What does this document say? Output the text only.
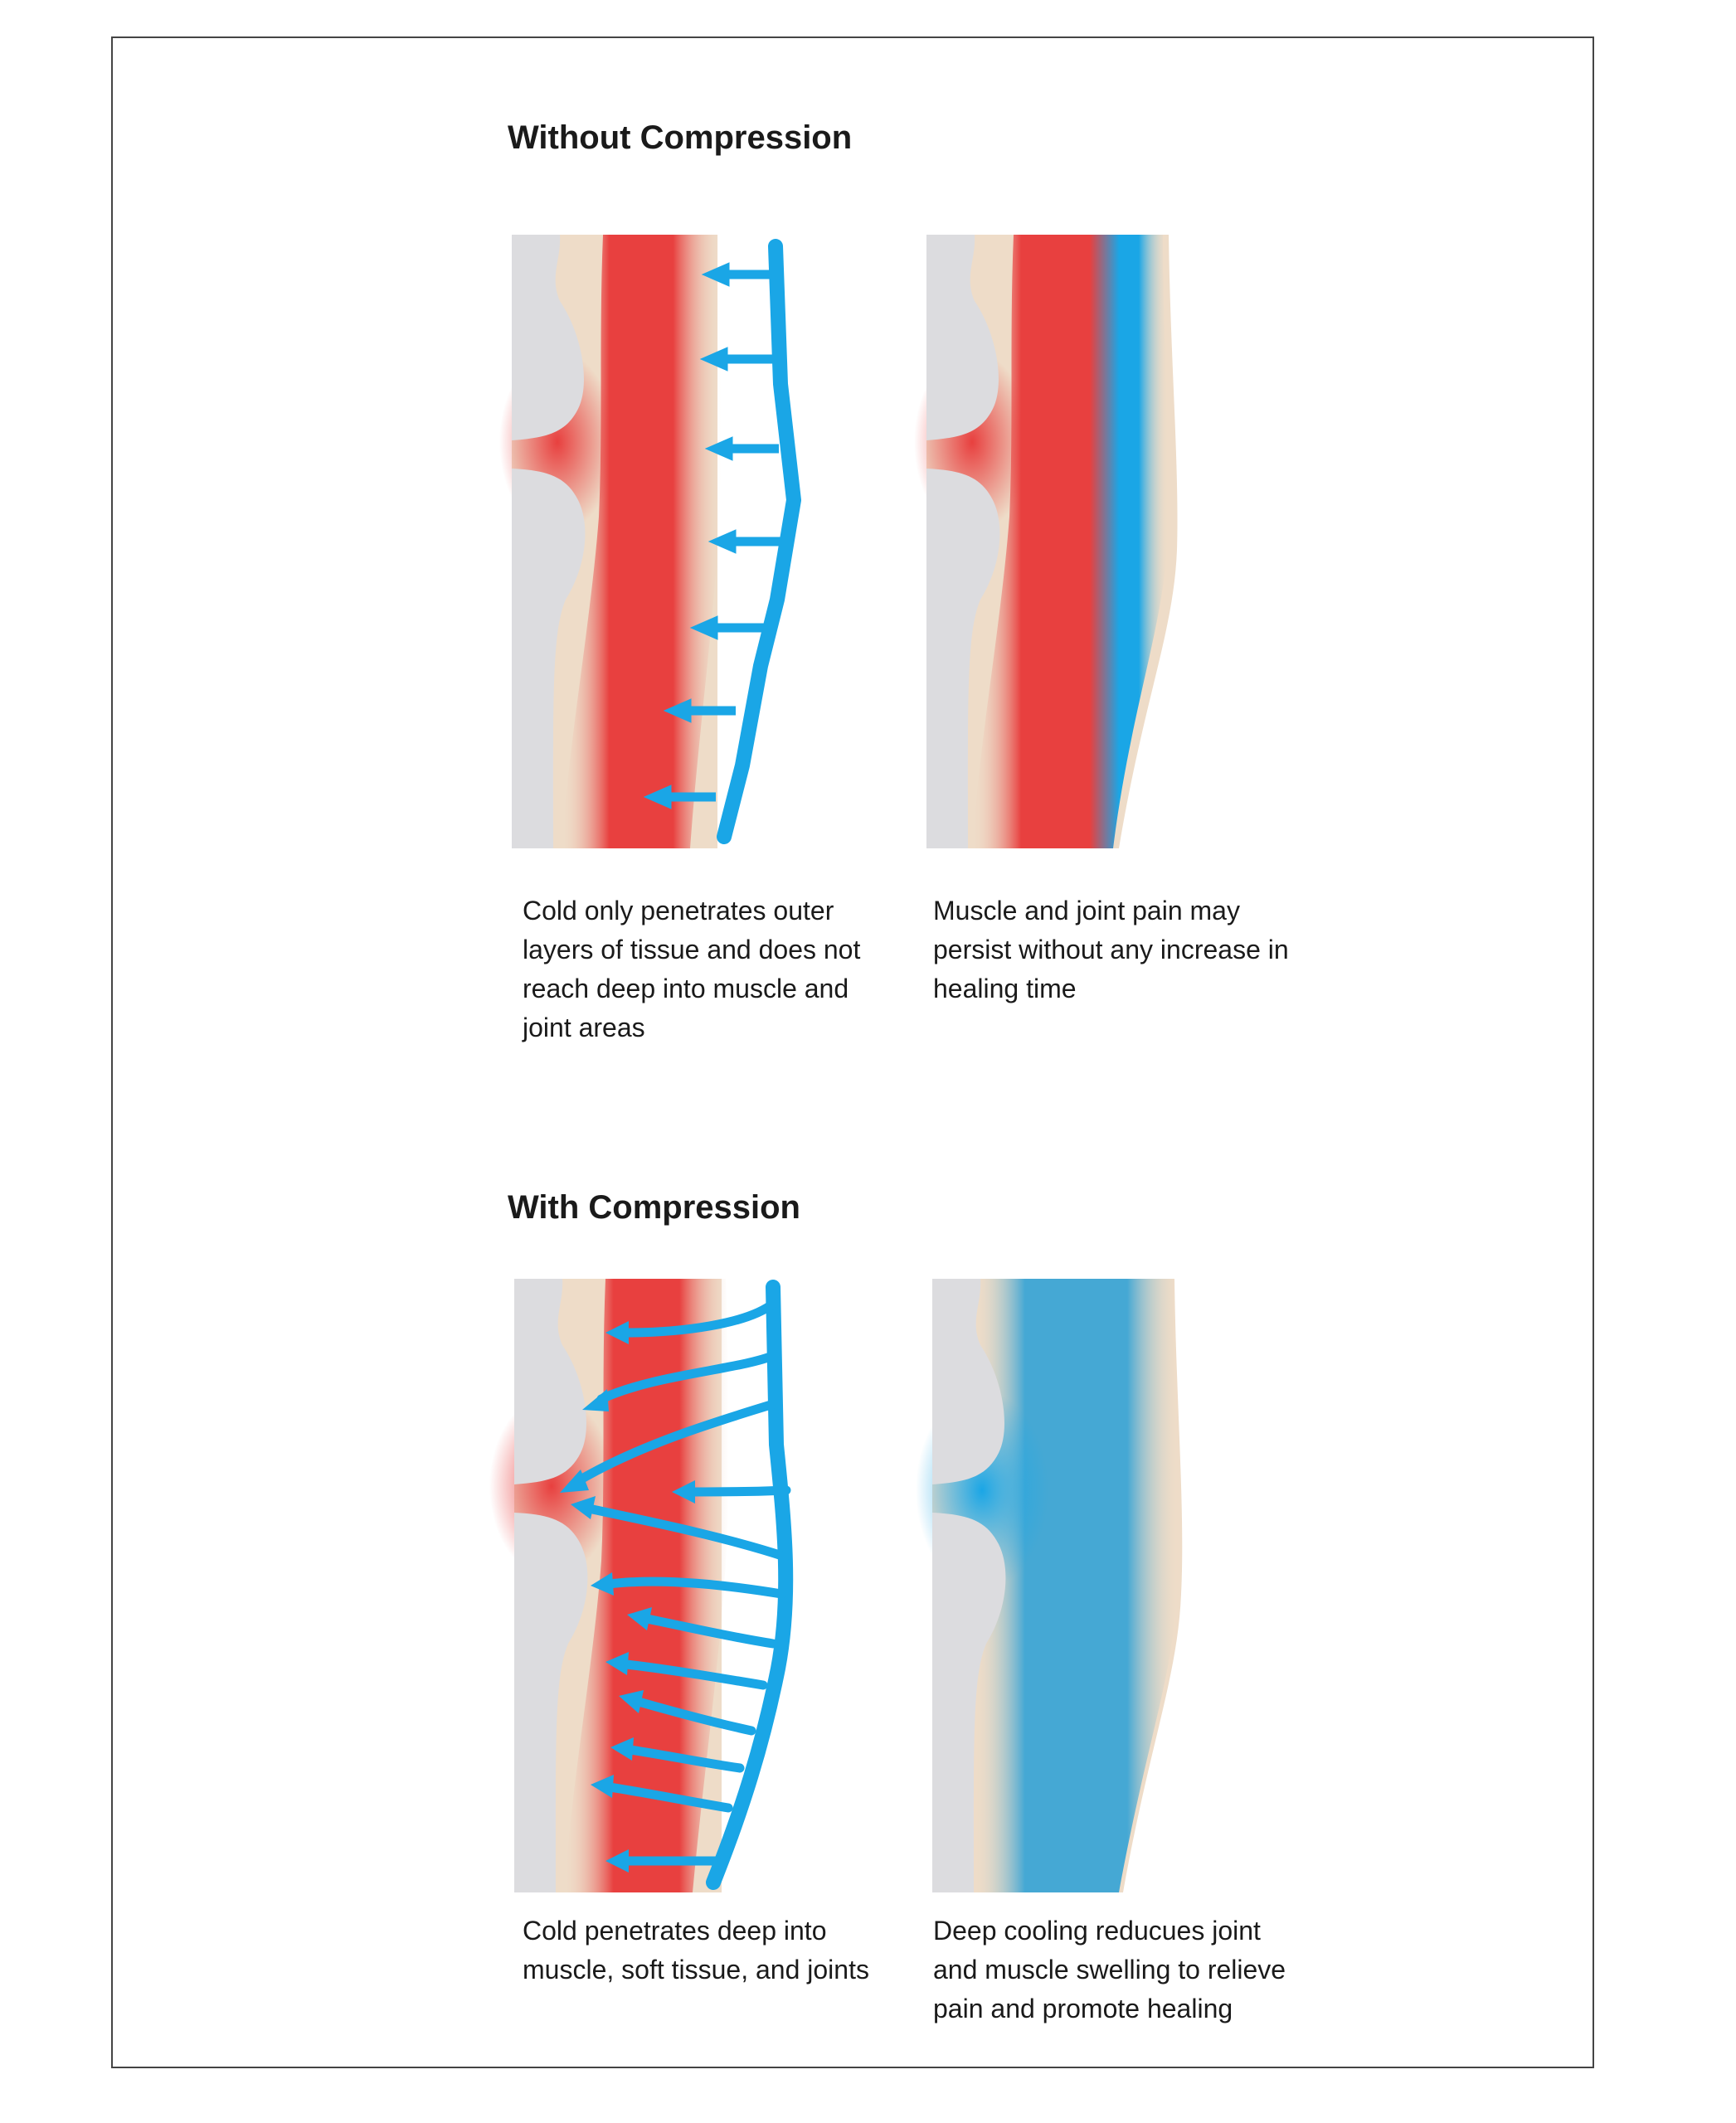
Without Compression

Cold only penetrates outer layers of tissue and does not reach deep into muscle and joint areas

Muscle and joint pain may persist without any increase in healing time

With Compression

Cold penetrates deep into muscle, soft tissue, and joints

Deep cooling reducues joint and muscle swelling to relieve pain and promote healing
